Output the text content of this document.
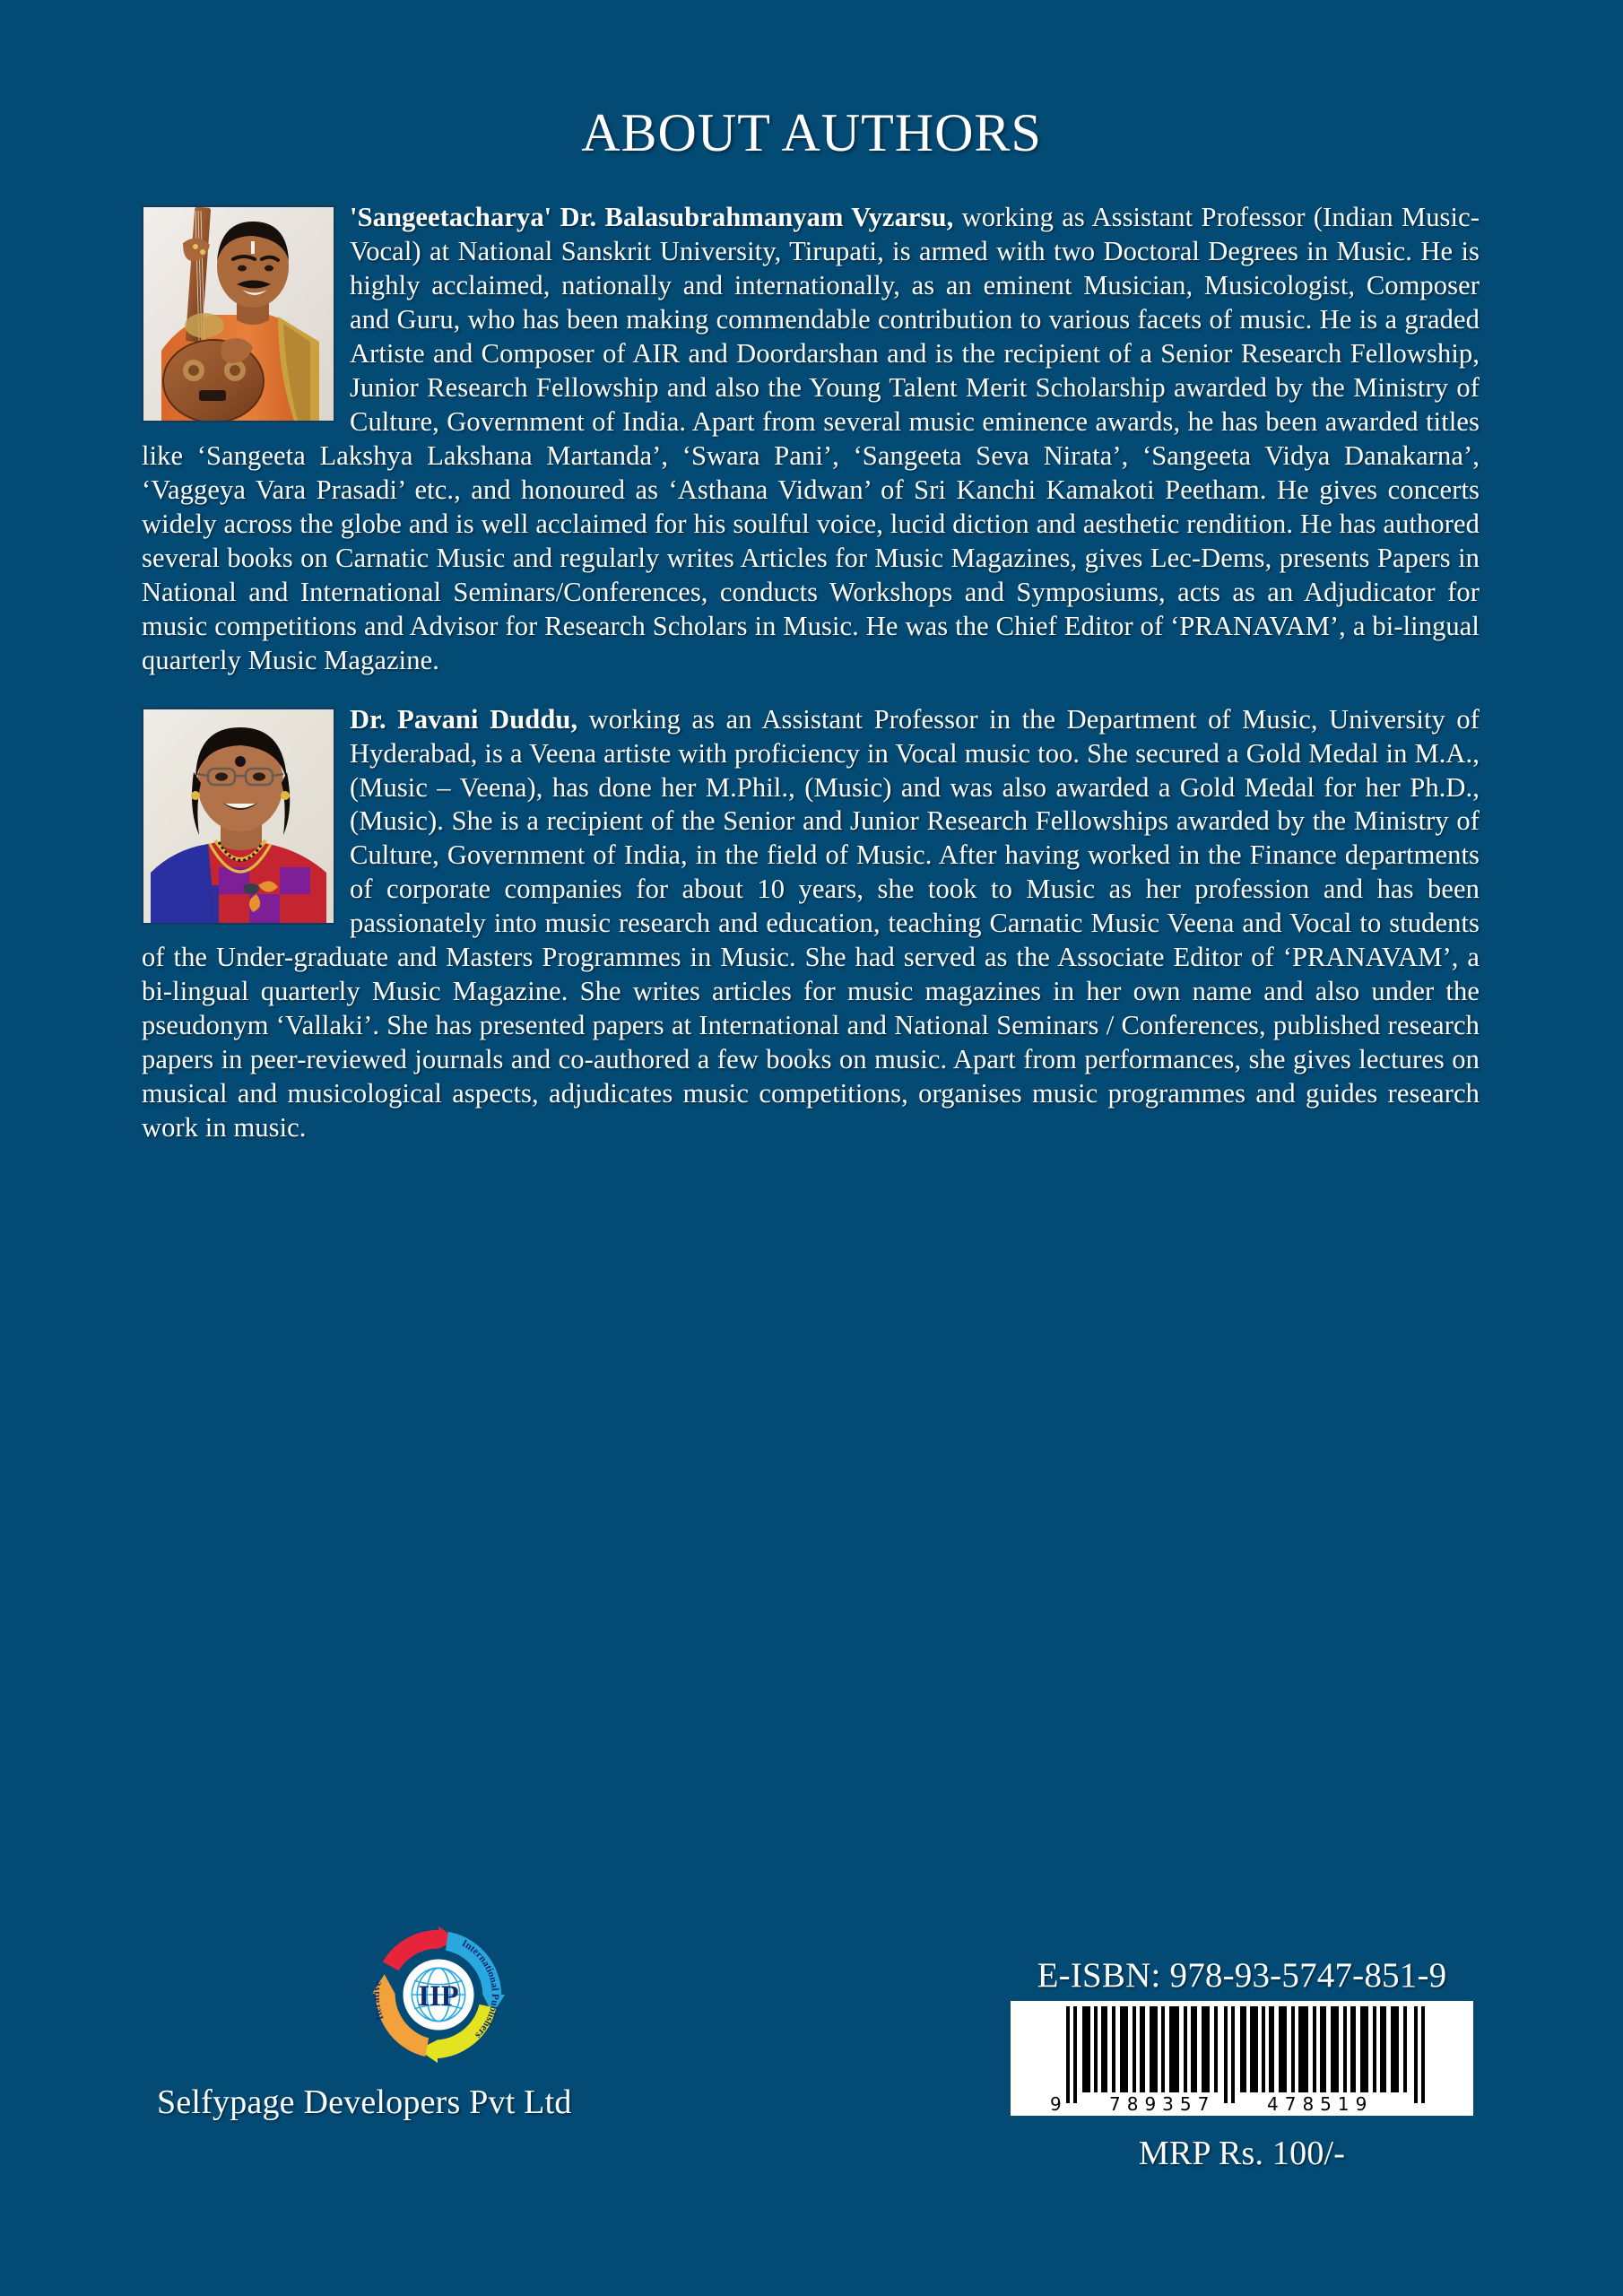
ABOUT AUTHORS

'Sangeetacharya' Dr. Balasubrahmanyam Vyzarsu, working as Assistant Professor (Indian Music-Vocal) at National Sanskrit University, Tirupati, is armed with two Doctoral Degrees in Music. He is highly acclaimed, nationally and internationally, as an eminent Musician, Musicologist, Composer and Guru, who has been making commendable contribution to various facets of music. He is a graded Artiste and Composer of AIR and Doordarshan and is the recipient of a Senior Research Fellowship, Junior Research Fellowship and also the Young Talent Merit Scholarship awarded by the Ministry of Culture, Government of India. Apart from several music eminence awards, he has been awarded titles like ‘Sangeeta Lakshya Lakshana Martanda’, ‘Swara Pani’, ‘Sangeeta Seva Nirata’, ‘Sangeeta Vidya Danakarna’, ‘Vaggeya Vara Prasadi’ etc., and honoured as ‘Asthana Vidwan’ of Sri Kanchi Kamakoti Peetham. He gives concerts widely across the globe and is well acclaimed for his soulful voice, lucid diction and aesthetic rendition. He has authored several books on Carnatic Music and regularly writes Articles for Music Magazines, gives Lec-Dems, presents Papers in National and International Seminars/Conferences, conducts Workshops and Symposiums, acts as an Adjudicator for music competitions and Advisor for Research Scholars in Music. He was the Chief Editor of ‘PRANAVAM’, a bi-lingual quarterly Music Magazine.

Dr. Pavani Duddu, working as an Assistant Professor in the Department of Music, University of Hyderabad, is a Veena artiste with proficiency in Vocal music too. She secured a Gold Medal in M.A., (Music – Veena), has done her M.Phil., (Music) and was also awarded a Gold Medal for her Ph.D., (Music). She is a recipient of the Senior and Junior Research Fellowships awarded by the Ministry of Culture, Government of India, in the field of Music. After having worked in the Finance departments of corporate companies for about 10 years, she took to Music as her profession and has been passionately into music research and education, teaching Carnatic Music Veena and Vocal to students of the Under-graduate and Masters Programmes in Music. She had served as the Associate Editor of ‘PRANAVAM’, a bi-lingual quarterly Music Magazine. She writes articles for music magazines in her own name and also under the pseudonym ‘Vallaki’. She has presented papers at International and National Seminars / Conferences, published research papers in peer-reviewed journals and co-authored a few books on music. Apart from performances, she gives lectures on musical and musicological aspects, adjudicates music competitions, organises music programmes and guides research work in music.

IIP
Iterative
International Publishers
Selfypage Developers Pvt Ltd
E-ISBN: 978-93-5747-851-9
9	789357	478519
MRP Rs. 100/-
